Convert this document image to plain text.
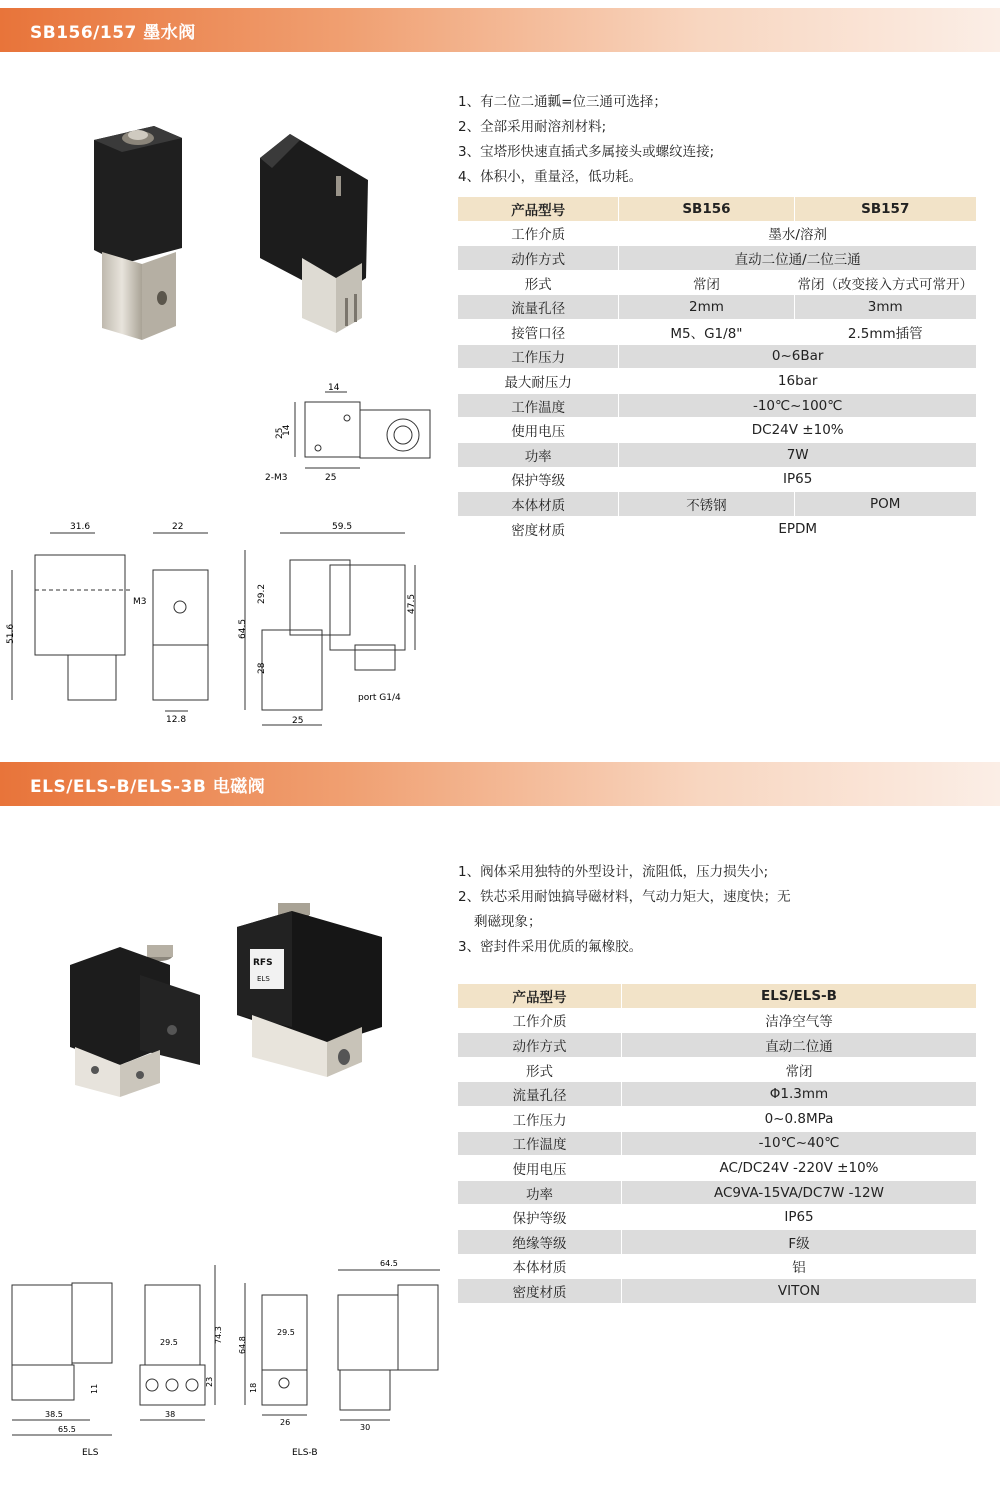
SB156/157 墨水阀
1、有二位二通瓤=位三通可选择；
2、全部采用耐溶剂材料;
3、宝塔形快速直插式多属接头或螺纹连接;
4、体积小，重量泾，低功耗。
产品型号	SB156	SB157
工作介质	墨水/溶剂	
动作方式	直动二位通/二位三通	
形式	常闭	常闭（改变接入方式可常开）
流量孔径	2mm	3mm
接管口径	M5、G1/8"	2.5mm插管
工作压力	0~6Bar	
最大耐压力	16bar	
工作温度	-10℃~100℃	
使用电压	DC24V ±10%	
功率	7W	
保护等级	IP65	
本体材质	不锈钢	POM
密度材质	EPDM	
14
25
14
2-M3	25
31.6	22	59.5
51.6
M3	29.2
64.5
47.5
28
12.8	25
port G1/4
ELS/ELS-B/ELS-3B 电磁阀
1、阀体采用独特的外型设计，流阻低，压力损失小;
2、铁芯采用耐蚀搞导磁材料，气动力矩大，速度快；无
剩磁现象；
3、密封件采用优质的氟橡胶。
产品型号	ELS/ELS-B
工作介质	洁净空气等
动作方式	直动二位通
形式	常闭
流量孔径	Φ1.3mm
工作压力	0~0.8MPa
工作温度	-10℃~40℃
使用电压	AC/DC24V -220V ±10%
功率	AC9VA-15VA/DC7W -12W
保护等级	IP65
绝缘等级	F级
本体材质	铝
密度材质	VITON
RFS
ELS
64.5
29.5	74.3	29.5
64.8
11
23
18
38.5	38
26
30
65.5
ELS	ELS-B
